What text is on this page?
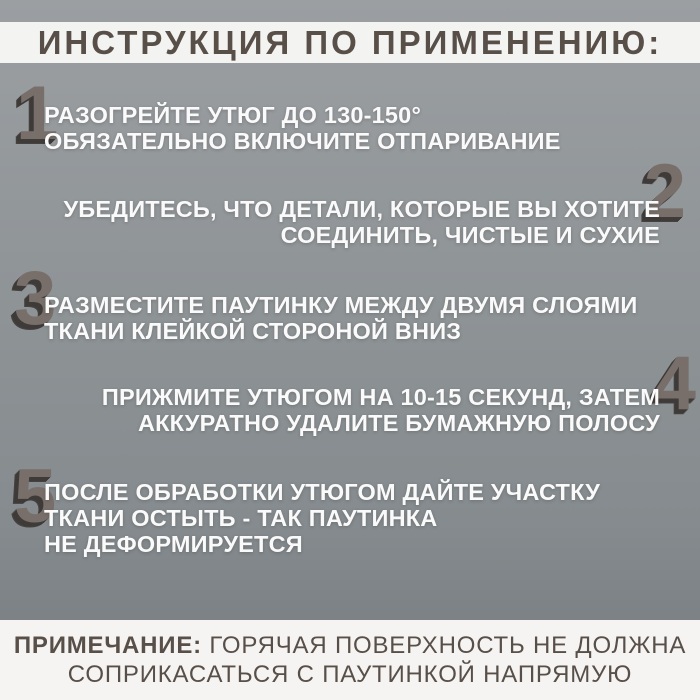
ИНСТРУКЦИЯ ПО ПРИМЕНЕНИЮ:
1
2
3
4
5
РАЗОГРЕЙТЕ УТЮГ ДО 130-150°
ОБЯЗАТЕЛЬНО ВКЛЮЧИТЕ ОТПАРИВАНИЕ
УБЕДИТЕСЬ, ЧТО ДЕТАЛИ, КОТОРЫЕ ВЫ ХОТИТЕ
СОЕДИНИТЬ, ЧИСТЫЕ И СУХИЕ
РАЗМЕСТИТЕ ПАУТИНКУ МЕЖДУ ДВУМЯ СЛОЯМИ
ТКАНИ КЛЕЙКОЙ СТОРОНОЙ ВНИЗ
ПРИЖМИТЕ УТЮГОМ НА 10-15 СЕКУНД, ЗАТЕМ
АККУРАТНО УДАЛИТЕ БУМАЖНУЮ ПОЛОСУ
ПОСЛЕ ОБРАБОТКИ УТЮГОМ ДАЙТЕ УЧАСТКУ
ТКАНИ ОСТЫТЬ - ТАК ПАУТИНКА
НЕ ДЕФОРМИРУЕТСЯ

ПРИМЕЧАНИЕ: ГОРЯЧАЯ ПОВЕРХНОСТЬ НЕ ДОЛЖНА

СОПРИКАСАТЬСЯ С ПАУТИНКОЙ НАПРЯМУЮ
